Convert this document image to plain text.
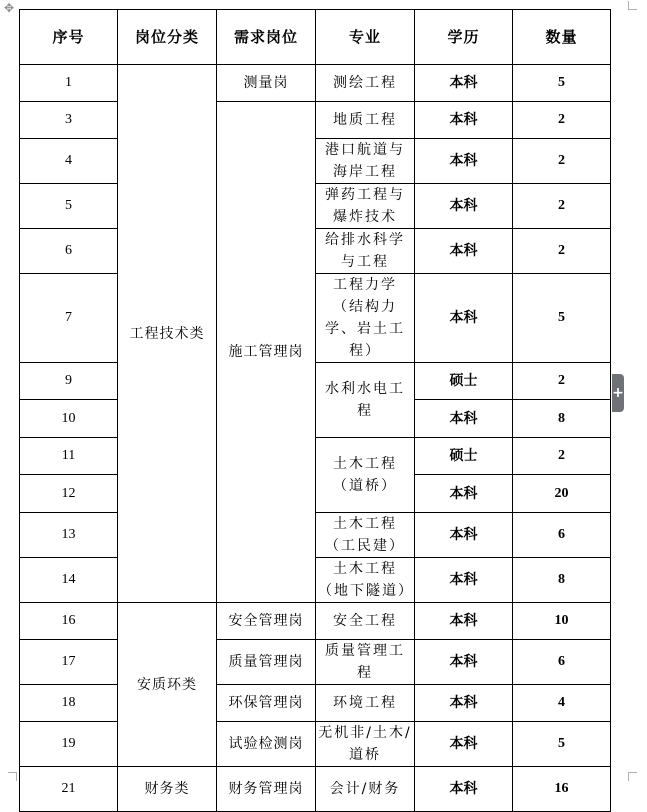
✥
序号	岗位分类	需求岗位	专业	学历	数量
1	工程技术类	测量岗	测绘工程	本科	5
3		施工管理岗	地质工程	本科	2
4			港口航道与海岸工程	本科	2
5			弹药工程与爆炸技术	本科	2
6			给排水科学与工程	本科	2
7			工程力学（结构力学、岩土工程）	本科	5
9			水利水电工程	硕士	2
10				本科	8
11			土木工程（道桥）	硕士	2
12				本科	20
13			土木工程（工民建）	本科	6
14			土木工程（地下隧道）	本科	8
16	安质环类	安全管理岗	安全工程	本科	10
17		质量管理岗	质量管理工程	本科	6
18		环保管理岗	环境工程	本科	4
19		试验检测岗	无机非/土木/道桥	本科	5
21	财务类	财务管理岗	会计/财务	本科	16
+
